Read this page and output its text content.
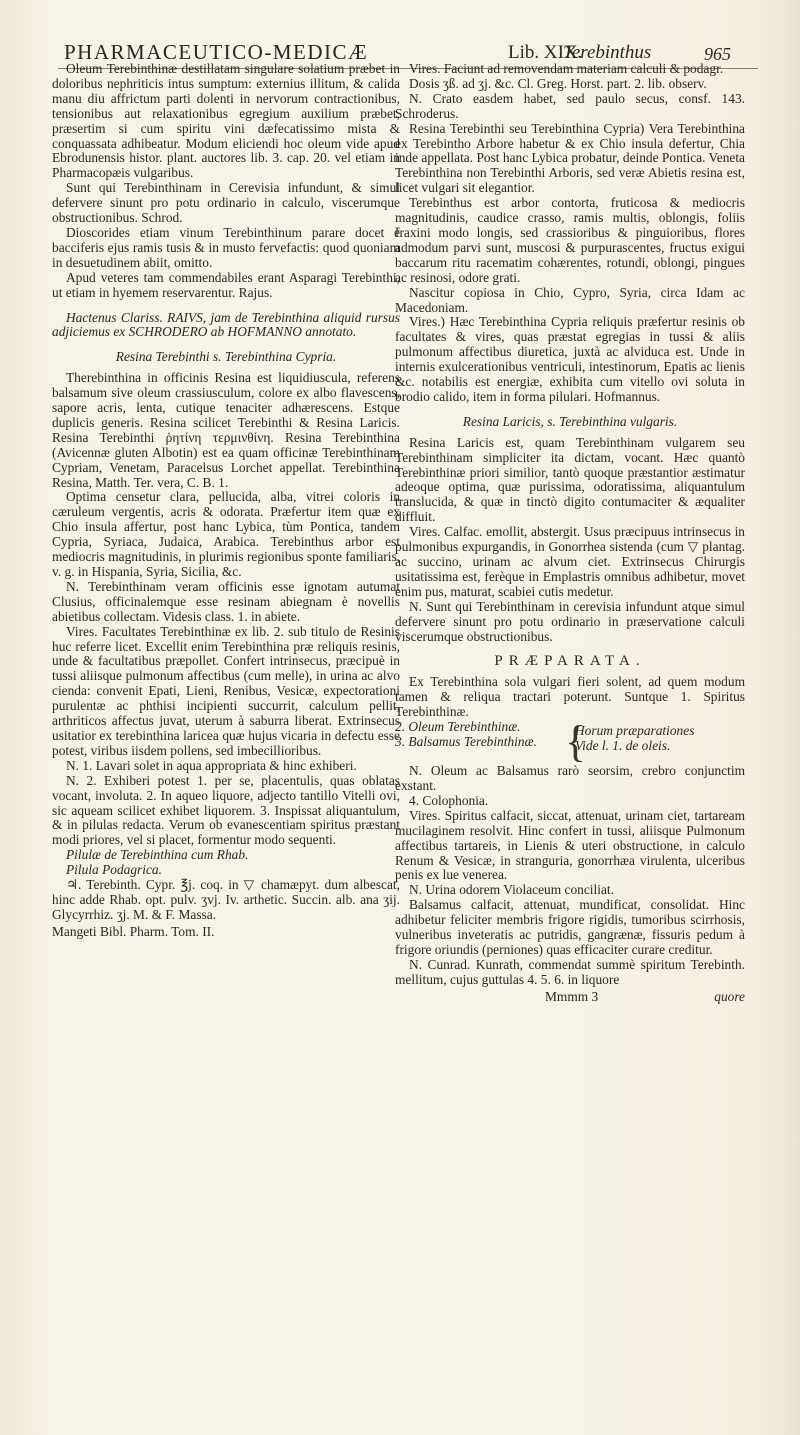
PHARMACEUTICO-MEDICÆ	Lib. XIX.
Terebinthus	965

Oleum Terebinthinæ destillatam singulare solatium præbet in doloribus nephriticis intus sumptum: externius illitum, & calida manu diu affrictum parti dolenti in nervorum contractionibus, tensionibus aut relaxationibus egregium auxilium præbet, præsertim si cum spiritu vini dæfecatissimo mista & conquassata adhibeatur. Modum eliciendi hoc oleum vide apud Ebrodunensis histor. plant. auctores lib. 3. cap. 20. vel etiam in Pharmacopæis vulgaribus.

Sunt qui Terebinthinam in Cerevisia infundunt, & simul defervere sinunt pro potu ordinario in calculo, viscerumque obstructionibus. Schrod.

Dioscorides etiam vinum Terebinthinum parare docet è bacciferis ejus ramis tusis & in musto fervefactis: quod quoniam in desuetudinem abiit, omitto.

Apud veteres tam commendabiles erant Asparagi Terebinthi, ut etiam in hyemem reservarentur. Rajus.

Hactenus Clariss. RAIVS, jam de Terebinthina aliquid rursus adjiciemus ex SCHRODERO ab HOFMANNO annotato.

Resina Terebinthi s. Terebinthina Cypria.

Therebinthina in officinis Resina est liquidiuscula, referens balsamum sive oleum crassiusculum, colore ex albo flavescens, sapore acris, lenta, cutique tenaciter adhærescens. Estque duplicis generis. Resina scilicet Terebinthi & Resina Laricis. Resina Terebinthi ῥητίνη τερμινθίνη. Resina Terebinthina (Avicennæ gluten Albotin) est ea quam officinæ Terebinthinam Cypriam, Venetam, Paracelsus Lorchet appellat. Terebinthina Resina, Matth. Ter. vera, C. B. 1.

Optima censetur clara, pellucida, alba, vitrei coloris in cæruleum vergentis, acris & odorata. Præfertur item quæ ex Chio insula affertur, post hanc Lybica, tùm Pontica, tandem Cypria, Syriaca, Judaica, Arabica. Terebinthus arbor est mediocris magnitudinis, in plurimis regionibus sponte familiaris, v. g. in Hispania, Syria, Sicilia, &c.

N. Terebinthinam veram officinis esse ignotam autumat Clusius, officinalemque esse resinam abiegnam è novellis abietibus collectam. Videsis class. 1. in abiete.

Vires. Facultates Terebinthinæ ex lib. 2. sub titulo de Resinis huc referre licet. Excellit enim Terebinthina præ reliquis resinis, unde & facultatibus præpollet. Confert intrinsecus, præcipuè in tussi aliisque pulmonum affectibus (cum melle), in urina ac alvo cienda: convenit Epati, Lieni, Renibus, Vesicæ, expectorationi purulentæ ac phthisi incipienti succurrit, calculum pellit, arthriticos affectus juvat, uterum à saburra liberat. Extrinsecus usitatior ex terebinthina laricea quæ hujus vicaria in defectu esse potest, viribus iisdem pollens, sed imbecillioribus.

N. 1. Lavari solet in aqua appropriata & hinc exhiberi.

N. 2. Exhiberi potest 1. per se, placentulis, quas oblatas vocant, involuta. 2. In aqueo liquore, adjecto tantillo Vitelli ovi, sic aqueam scilicet exhibet liquorem. 3. Inspissat aliquantulum, & in pilulas redacta. Verum ob evanescentiam spiritus præstant modi priores, vel si placet, formentur modo sequenti.

Pilulæ de Terebinthina cum Rhab.

Pilula Podagrica.

♃. Terebinth. Cypr. ℥j. coq. in ▽ chamæpyt. dum albescat, hinc adde Rhab. opt. pulv. ʒvj. Iv. arthetic. Succin. alb. ana ʒij. Glycyrrhiz. ʒj. M. & F. Massa.

Mangeti Bibl. Pharm. Tom. II.

Vires. Faciunt ad removendam materiam calculi & podagr.

Dosis ʒß. ad ʒj. &c. Cl. Greg. Horst. part. 2. lib. observ.

N. Crato easdem habet, sed paulo secus, consf. 143. Schroderus.

Resina Terebinthi seu Terebinthina Cypria) Vera Terebinthina ex Terebintho Arbore habetur & ex Chio insula defertur, Chia inde appellata. Post hanc Lybica probatur, deinde Pontica. Veneta Terebinthina non Terebinthi Arboris, sed veræ Abietis resina est, licet vulgari sit elegantior.

Terebinthus est arbor contorta, fruticosa & mediocris magnitudinis, caudice crasso, ramis multis, oblongis, foliis fraxini modo longis, sed crassioribus & pinguioribus, flores admodum parvi sunt, muscosi & purpurascentes, fructus exigui baccarum ritu racematim cohærentes, rotundi, oblongi, pingues ac resinosi, odore grati.

Nascitur copiosa in Chio, Cypro, Syria, circa Idam ac Macedoniam.

Vires.) Hæc Terebinthina Cypria reliquis præfertur resinis ob facultates & vires, quas præstat egregias in tussi & aliis pulmonum affectibus diuretica, juxtà ac alviduca est. Unde in internis exulcerationibus ventriculi, intestinorum, Epatis ac lienis &c. notabilis est energiæ, exhibita cum vitello ovi soluta in brodio calido, item in forma pilulari. Hofmannus.

Resina Laricis, s. Terebinthina vulgaris.

Resina Laricis est, quam Terebinthinam vulgarem seu Terebinthinam simpliciter ita dictam, vocant. Hæc quantò Terebinthinæ priori similior, tantò quoque præstantior æstimatur adeoque optima, quæ purissima, odoratissima, aliquantulum translucida, & quæ in tinctò digito contumaciter & æqualiter diffluit.

Vires. Calfac. emollit, abstergit. Usus præcipuus intrinsecus in pulmonibus expurgandis, in Gonorrhea sistenda (cum ▽ plantag. ac succino, urinam ac alvum ciet. Extrinsecus Chirurgis usitatissima est, ferèque in Emplastris omnibus adhibetur, movet enim pus, maturat, scabiei cutis medetur.

N. Sunt qui Terebinthinam in cerevisia infundunt atque simul defervere sinunt pro potu ordinario in præservatione calculi viscerumque obstructionibus.

PRÆPARATA.

Ex Terebinthina sola vulgari fieri solent, ad quem modum tamen & reliqua tractari poterunt. Suntque 1. Spiritus Terebinthinæ.

2. Oleum Terebinthinæ.
3. Balsamus Terebinthinæ. {
Horum præparationes
Vide l. 1. de oleis.

N. Oleum ac Balsamus rarò seorsim, crebro conjunctim exstant.

4. Colophonia.

Vires. Spiritus calfacit, siccat, attenuat, urinam ciet, tartaream mucilaginem resolvit. Hinc confert in tussi, aliisque Pulmonum affectibus tartareis, in Lienis & uteri obstructione, in calculo Renum & Vesicæ, in stranguria, gonorrhæa virulenta, ulceribus penis ex lue venerea.

N. Urina odorem Violaceum conciliat.

Balsamus calfacit, attenuat, mundificat, consolidat. Hinc adhibetur feliciter membris frigore rigidis, tumoribus scirrhosis, vulneribus inveteratis ac putridis, gangrænæ, fissuris pedum à frigore oriundis (perniones) quas efficaciter curare creditur.

N. Cunrad. Kunrath, commendat summè spiritum Terebinth. mellitum, cujus guttulas 4. 5. 6. in liquore

Mmmm 3	quore
